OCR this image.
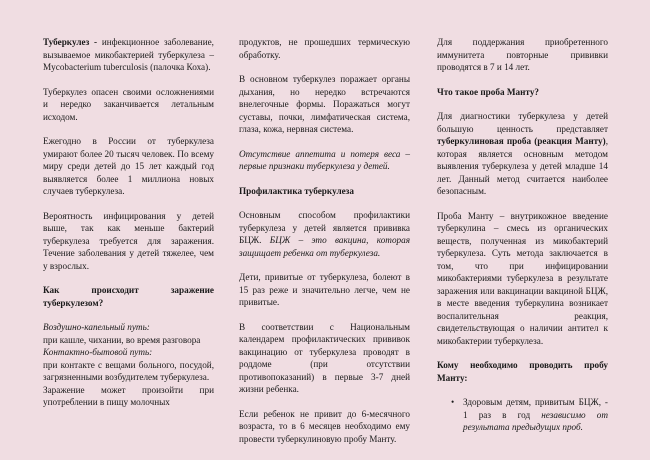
Туберкулез - инфекционное заболевание, вызываемое микобактерией туберкулеза – Mycobacterium tuberculosis (палочка Коха).

Туберкулез опасен своими осложнениями и нередко заканчивается летальным исходом.

Ежегодно в России от туберкулеза умирают более 20 тысяч человек. По всему миру среди детей до 15 лет каждый год выявляется более 1 миллиона новых случаев туберкулеза.

Вероятность инфицирования у детей выше, так как меньше бактерий туберкулеза требуется для заражения. Течение заболевания у детей тяжелее, чем у взрослых.

Как происходит заражение туберкулезом?
Воздушно-капельный путь:
при кашле, чихании, во время разговора
Контактно-бытовой путь:

при контакте с вещами больного, посудой, загрязненными возбудителем туберкулеза.

Заражение может произойти при употреблении в пищу молочных

продуктов, не прошедших термическую обработку.

В основном туберкулез поражает органы дыхания, но нередко встречаются внелегочные формы. Поражаться могут суставы, почки, лимфатическая система, глаза, кожа, нервная система.

Отсутствие аппетита и потеря веса – первые признаки туберкулеза у детей.

Профилактика туберкулеза

Основным способом профилактики туберкулеза у детей является прививка БЦЖ. БЦЖ – это вакцина, которая защищает ребенка от туберкулеза.

Дети, привитые от туберкулеза, болеют в 15 раз реже и значительно легче, чем не привитые.

В соответствии с Национальным календарем профилактических прививок вакцинацию от туберкулеза проводят в роддоме (при отсутствии противопоказаний) в первые 3-7 дней жизни ребенка.

Если ребенок не привит до 6-месячного возраста, то в 6 месяцев необходимо ему провести туберкулиновую пробу Манту.

Для поддержания приобретенного иммунитета повторные прививки проводятся в 7 и 14 лет.

Что такое проба Манту?

Для диагностики туберкулеза у детей большую ценность представляет туберкулиновая проба (реакция Манту), которая является основным методом выявления туберкулеза у детей младше 14 лет. Данный метод считается наиболее безопасным.

Проба Манту – внутрикожное введение туберкулина – смесь из органических веществ, полученная из микобактерий туберкулеза. Суть метода заключается в том, что при инфицировании микобактериями туберкулеза в результате заражения или вакцинации вакциной БЦЖ, в месте введения туберкулина возникает воспалительная реакция, свидетельствующая о наличии антител к микобактерии туберкулеза.

Кому необходимо проводить пробу Манту:
• Здоровым детям, привитым БЦЖ, - 1 раз в год независимо от результата предыдущих проб.
